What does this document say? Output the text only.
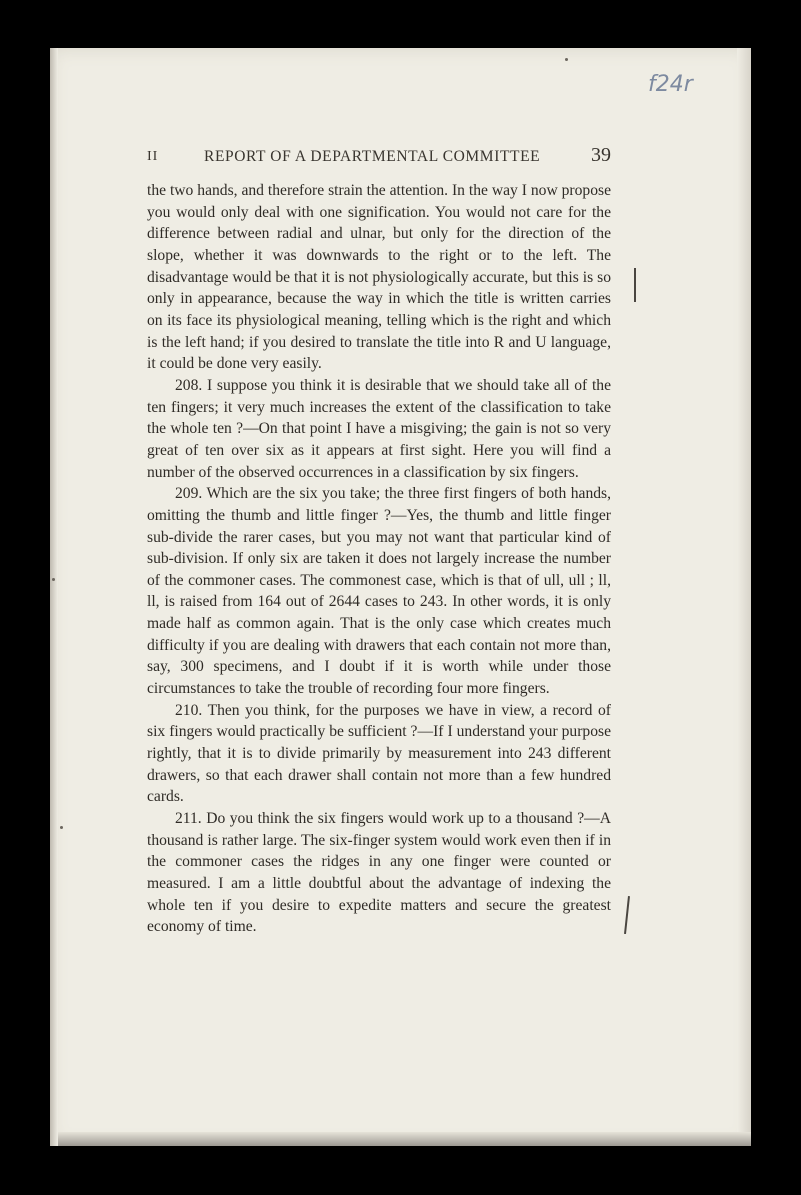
f24r
II	REPORT OF A DEPARTMENTAL COMMITTEE	39

the two hands, and therefore strain the attention. In the way I now propose you would only deal with one signification. You would not care for the difference between radial and ulnar, but only for the direction of the slope, whether it was downwards to the right or to the left. The disadvantage would be that it is not physiologically accurate, but this is so only in appearance, because the way in which the title is written carries on its face its physiological meaning, telling which is the right and which is the left hand; if you desired to translate the title into R and U language, it could be done very easily.

208. I suppose you think it is desirable that we should take all of the ten fingers; it very much increases the extent of the classification to take the whole ten ?—On that point I have a misgiving; the gain is not so very great of ten over six as it appears at first sight. Here you will find a number of the observed occurrences in a classification by six fingers.

209. Which are the six you take; the three first fingers of both hands, omitting the thumb and little finger ?—Yes, the thumb and little finger sub-divide the rarer cases, but you may not want that particular kind of sub-division. If only six are taken it does not largely increase the number of the commoner cases. The commonest case, which is that of ull, ull ; ll, ll, is raised from 164 out of 2644 cases to 243. In other words, it is only made half as common again. That is the only case which creates much difficulty if you are dealing with drawers that each contain not more than, say, 300 specimens, and I doubt if it is worth while under those circumstances to take the trouble of recording four more fingers.

210. Then you think, for the purposes we have in view, a record of six fingers would practically be sufficient ?—If I understand your purpose rightly, that it is to divide primarily by measurement into 243 different drawers, so that each drawer shall contain not more than a few hundred cards.

211. Do you think the six fingers would work up to a thousand ?—A thousand is rather large. The six-finger system would work even then if in the commoner cases the ridges in any one finger were counted or measured. I am a little doubtful about the advantage of indexing the whole ten if you desire to expedite matters and secure the greatest economy of time.
